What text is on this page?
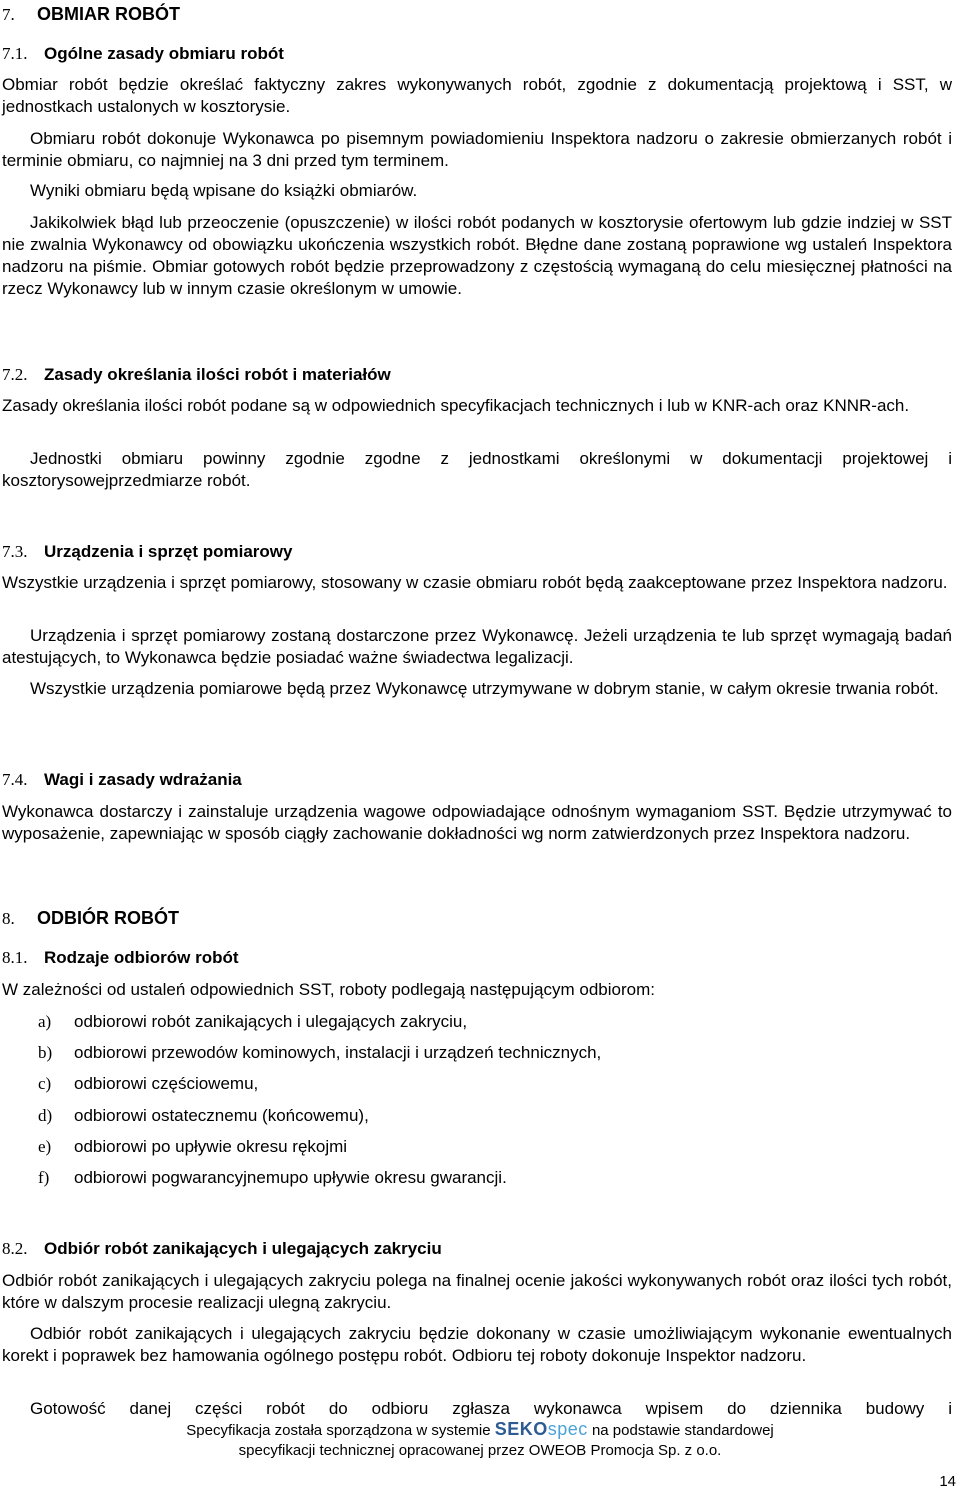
7. OBMIAR ROBÓT
7.1. Ogólne zasady obmiaru robót

Obmiar robót będzie określać faktyczny zakres wykonywanych robót, zgodnie z dokumentacją projektową i SST, w jednostkach ustalonych w kosztorysie.

Obmiaru robót dokonuje Wykonawca po pisemnym powiadomieniu Inspektora nadzoru o zakresie obmierzanych robót i terminie obmiaru, co najmniej na 3 dni przed tym terminem.

Wyniki obmiaru będą wpisane do książki obmiarów.

Jakikolwiek błąd lub przeoczenie (opuszczenie) w ilości robót podanych w kosztorysie ofertowym lub gdzie indziej w SST nie zwalnia Wykonawcy od obowiązku ukończenia wszystkich robót. Błędne dane zostaną poprawione wg ustaleń Inspektora nadzoru na piśmie. Obmiar gotowych robót będzie przeprowadzony z częstością wymaganą do celu miesięcznej płatności na rzecz Wykonawcy lub w innym czasie określonym w umowie.

7.2. Zasady określania ilości robót i materiałów

Zasady określania ilości robót podane są w odpowiednich specyfikacjach technicznych i lub w KNR-ach oraz KNNR-ach.

Jednostki obmiaru powinny zgodnie zgodne z jednostkami określonymi w dokumentacji projektowej i kosztorysowejprzedmiarze robót.

7.3. Urządzenia i sprzęt pomiarowy

Wszystkie urządzenia i sprzęt pomiarowy, stosowany w czasie obmiaru robót będą zaakceptowane przez Inspektora nadzoru.

Urządzenia i sprzęt pomiarowy zostaną dostarczone przez Wykonawcę. Jeżeli urządzenia te lub sprzęt wymagają badań atestujących, to Wykonawca będzie posiadać ważne świadectwa legalizacji.

Wszystkie urządzenia pomiarowe będą przez Wykonawcę utrzymywane w dobrym stanie, w całym okresie trwania robót.

7.4. Wagi i zasady wdrażania

Wykonawca dostarczy i zainstaluje urządzenia wagowe odpowiadające odnośnym wymaganiom SST. Będzie utrzymywać to wyposażenie, zapewniając w sposób ciągły zachowanie dokładności wg norm zatwierdzonych przez Inspektora nadzoru.

8. ODBIÓR ROBÓT
8.1. Rodzaje odbiorów robót

W zależności od ustaleń odpowiednich SST, roboty podlegają następującym odbiorom:

a) odbiorowi robót zanikających i ulegających zakryciu,
b) odbiorowi przewodów kominowych, instalacji i urządzeń technicznych,
c) odbiorowi częściowemu,
d) odbiorowi ostatecznemu (końcowemu),
e) odbiorowi po upływie okresu rękojmi
f) odbiorowi pogwarancyjnemupo upływie okresu gwarancji.
8.2. Odbiór robót zanikających i ulegających zakryciu

Odbiór robót zanikających i ulegających zakryciu polega na finalnej ocenie jakości wykonywanych robót oraz ilości tych robót, które w dalszym procesie realizacji ulegną zakryciu.

Odbiór robót zanikających i ulegających zakryciu będzie dokonany w czasie umożliwiającym wykonanie ewentualnych korekt i poprawek bez hamowania ogólnego postępu robót. Odbioru tej roboty dokonuje Inspektor nadzoru.

Gotowość danej części robót do odbioru zgłasza wykonawca wpisem do dziennika budowy i

Specyfikacja została sporządzona w systemie SEKOspec na podstawie standardowej
specyfikacji technicznej opracowanej przez OWEOB Promocja Sp. z o.o.
14
